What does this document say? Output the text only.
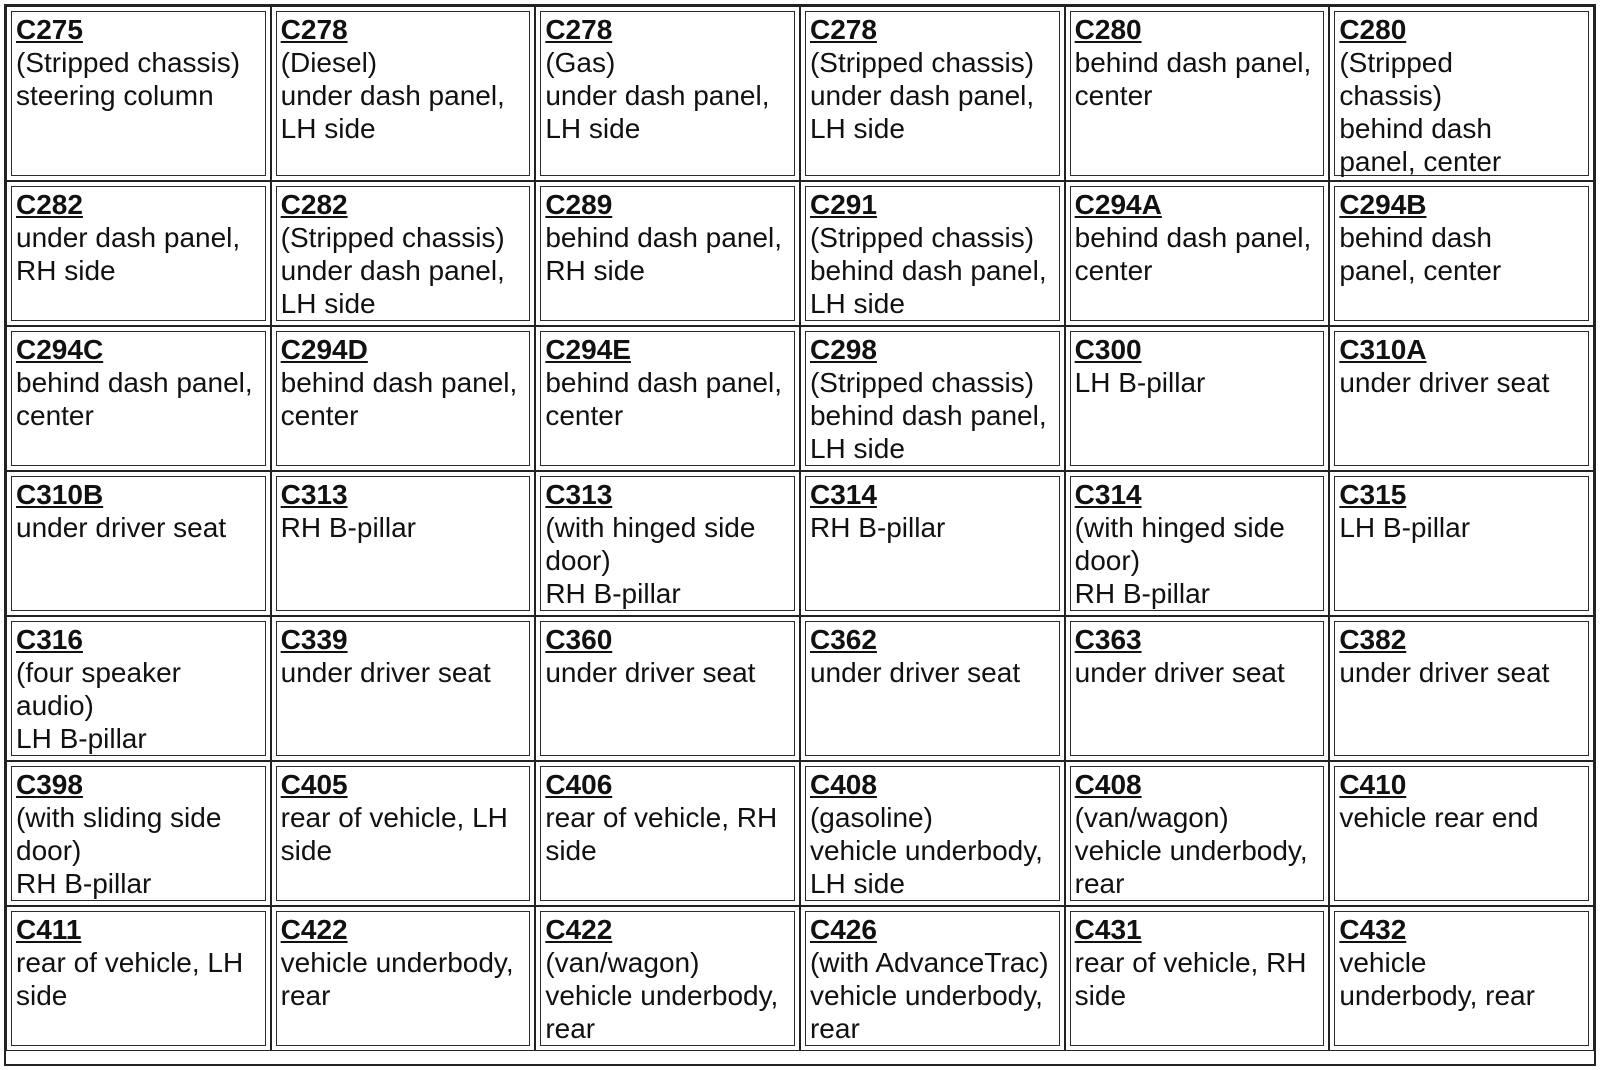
C275
(Stripped chassis)
steering column
C278
(Diesel)
under dash panel,
LH side
C278
(Gas)
under dash panel,
LH side
C278
(Stripped chassis)
under dash panel,
LH side
C280
behind dash panel,
center
C280
(Stripped
chassis)
behind dash
panel, center
C282
under dash panel,
RH side
C282
(Stripped chassis)
under dash panel,
LH side
C289
behind dash panel,
RH side
C291
(Stripped chassis)
behind dash panel,
LH side
C294A
behind dash panel,
center
C294B
behind dash
panel, center
C294C
behind dash panel,
center
C294D
behind dash panel,
center
C294E
behind dash panel,
center
C298
(Stripped chassis)
behind dash panel,
LH side
C300
LH B-pillar
C310A
under driver seat
C310B
under driver seat
C313
RH B-pillar
C313
(with hinged side
door)
RH B-pillar
C314
RH B-pillar
C314
(with hinged side
door)
RH B-pillar
C315
LH B-pillar
C316
(four speaker
audio)
LH B-pillar
C339
under driver seat
C360
under driver seat
C362
under driver seat
C363
under driver seat
C382
under driver seat
C398
(with sliding side
door)
RH B-pillar
C405
rear of vehicle, LH
side
C406
rear of vehicle, RH
side
C408
(gasoline)
vehicle underbody,
LH side
C408
(van/wagon)
vehicle underbody,
rear
C410
vehicle rear end
C411
rear of vehicle, LH
side
C422
vehicle underbody,
rear
C422
(van/wagon)
vehicle underbody,
rear
C426
(with AdvanceTrac)
vehicle underbody,
rear
C431
rear of vehicle, RH
side
C432
vehicle
underbody, rear
